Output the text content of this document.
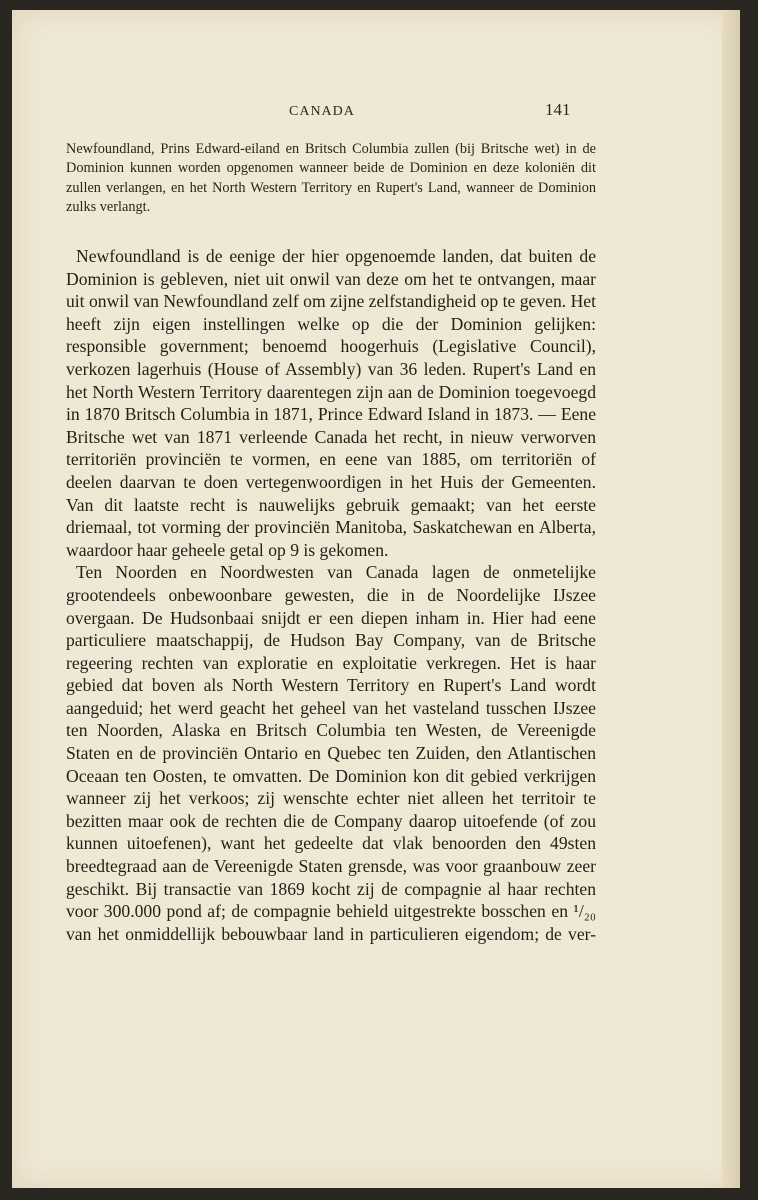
CANADA	141

Newfoundland, Prins Edward-eiland en Britsch Columbia zullen (bij Britsche wet) in de Dominion kunnen worden opgenomen wanneer beide de Dominion en deze koloniën dit zullen verlangen, en het North Western Territory en Rupert's Land, wanneer de Dominion zulks verlangt.

Newfoundland is de eenige der hier opgenoemde landen, dat buiten de Dominion is gebleven, niet uit onwil van deze om het te ontvangen, maar uit onwil van Newfoundland zelf om zijne zelfstandigheid op te geven. Het heeft zijn eigen instellingen welke op die der Dominion gelijken: responsible government; benoemd hoogerhuis (Legislative Council), verkozen lagerhuis (House of Assembly) van 36 leden. Rupert's Land en het North Western Territory daarentegen zijn aan de Dominion toegevoegd in 1870 Britsch Columbia in 1871, Prince Edward Island in 1873. — Eene Britsche wet van 1871 verleende Canada het recht, in nieuw verworven territoriën provinciën te vormen, en eene van 1885, om territoriën of deelen daarvan te doen vertegenwoordigen in het Huis der Gemeenten. Van dit laatste recht is nauwelijks gebruik gemaakt; van het eerste driemaal, tot vorming der provinciën Manitoba, Saskatchewan en Alberta, waardoor haar geheele getal op 9 is gekomen.

Ten Noorden en Noordwesten van Canada lagen de onmetelijke grootendeels onbewoonbare gewesten, die in de Noordelijke IJszee overgaan. De Hudsonbaai snijdt er een diepen inham in. Hier had eene particuliere maatschappij, de Hudson Bay Company, van de Britsche regeering rechten van exploratie en exploitatie verkregen. Het is haar gebied dat boven als North Western Territory en Rupert's Land wordt aangeduid; het werd geacht het geheel van het vasteland tusschen IJszee ten Noorden, Alaska en Britsch Columbia ten Westen, de Vereenigde Staten en de provinciën Ontario en Quebec ten Zuiden, den Atlantischen Oceaan ten Oosten, te omvatten. De Dominion kon dit gebied verkrijgen wanneer zij het verkoos; zij wenschte echter niet alleen het territoir te bezitten maar ook de rechten die de Company daarop uitoefende (of zou kunnen uitoefenen), want het gedeelte dat vlak benoorden den 49sten breedtegraad aan de Vereenigde Staten grensde, was voor graanbouw zeer geschikt. Bij transactie van 1869 kocht zij de compagnie al haar rechten voor 300.000 pond af; de compagnie behield uitgestrekte bosschen en ¹/₂₀ van het onmiddellijk bebouwbaar land in particulieren eigendom; de ver-
